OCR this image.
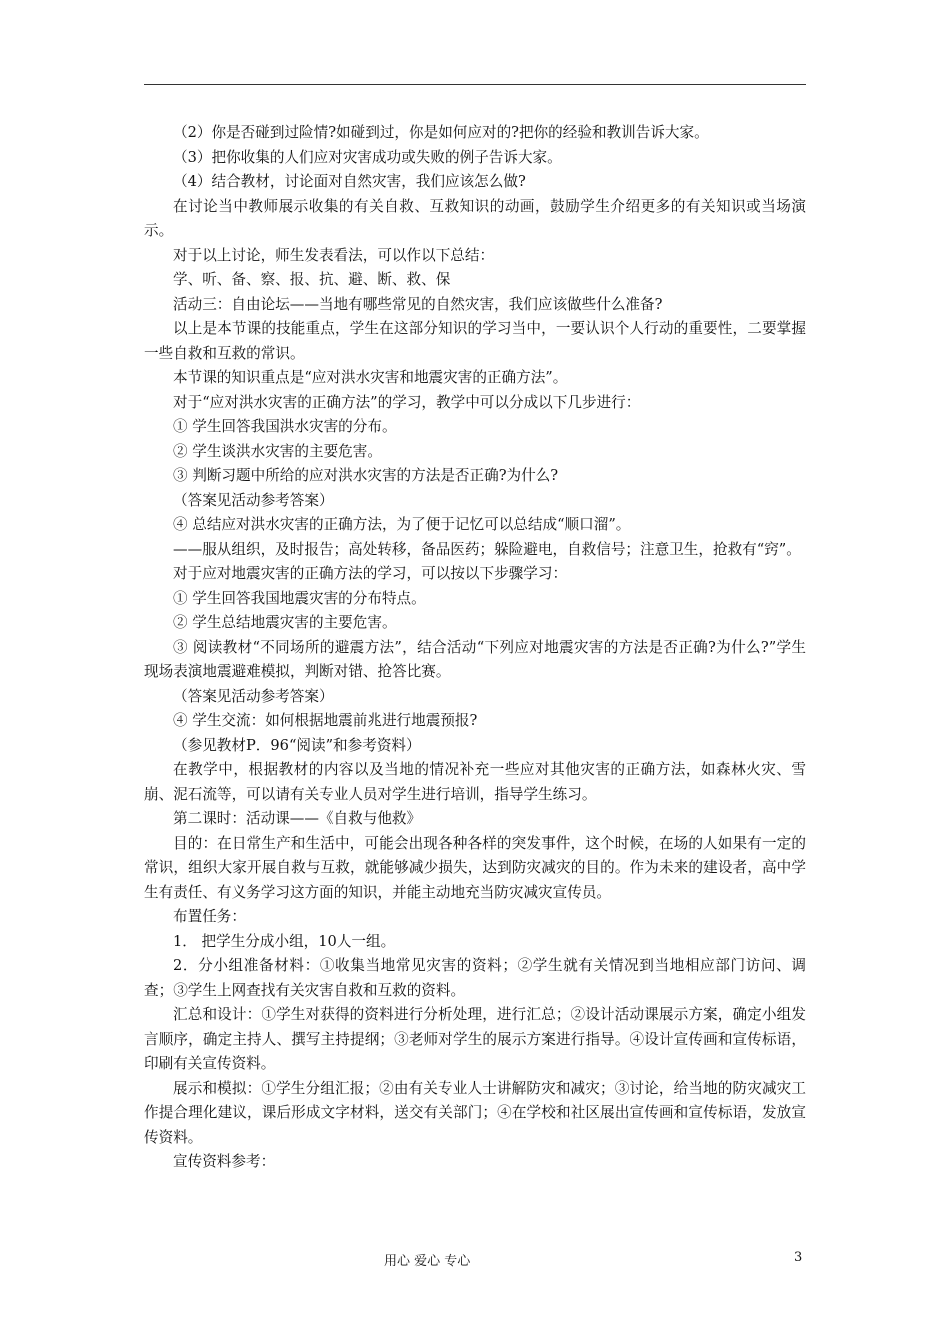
（2）你是否碰到过险情?如碰到过，你是如何应对的?把你的经验和教训告诉大家。

（3）把你收集的人们应对灾害成功或失败的例子告诉大家。

（4）结合教材，讨论面对自然灾害，我们应该怎么做?

在讨论当中教师展示收集的有关自救、互救知识的动画，鼓励学生介绍更多的有关知识或当场演示。

对于以上讨论，师生发表看法，可以作以下总结：

学、听、备、察、报、抗、避、断、救、保

活动三：自由论坛——当地有哪些常见的自然灾害，我们应该做些什么准备?

以上是本节课的技能重点，学生在这部分知识的学习当中，一要认识个人行动的重要性，二要掌握一些自救和互救的常识。

本节课的知识重点是“应对洪水灾害和地震灾害的正确方法”。

对于“应对洪水灾害的正确方法”的学习，教学中可以分成以下几步进行：

① 学生回答我国洪水灾害的分布。

② 学生谈洪水灾害的主要危害。

③ 判断习题中所给的应对洪水灾害的方法是否正确?为什么?

（答案见活动参考答案）

④ 总结应对洪水灾害的正确方法，为了便于记忆可以总结成“顺口溜”。

——服从组织，及时报告；高处转移，备品医药；躲险避电，自救信号；注意卫生，抢救有“窍”。

对于应对地震灾害的正确方法的学习，可以按以下步骤学习：

① 学生回答我国地震灾害的分布特点。

② 学生总结地震灾害的主要危害。

③ 阅读教材“不同场所的避震方法”，结合活动“下列应对地震灾害的方法是否正确?为什么?”学生现场表演地震避难模拟，判断对错、抢答比赛。

（答案见活动参考答案）

④ 学生交流：如何根据地震前兆进行地震预报?

（参见教材P．96“阅读”和参考资料）

在教学中，根据教材的内容以及当地的情况补充一些应对其他灾害的正确方法，如森林火灾、雪崩、泥石流等，可以请有关专业人员对学生进行培训，指导学生练习。

第二课时：活动课——《自救与他救》

目的：在日常生产和生活中，可能会出现各种各样的突发事件，这个时候，在场的人如果有一定的常识，组织大家开展自救与互救，就能够减少损失，达到防灾减灾的目的。作为未来的建设者，高中学生有责任、有义务学习这方面的知识，并能主动地充当防灾减灾宣传员。

布置任务：

1． 把学生分成小组，10人一组。

2．分小组准备材料：①收集当地常见灾害的资料；②学生就有关情况到当地相应部门访问、调查；③学生上网查找有关灾害自救和互救的资料。

汇总和设计：①学生对获得的资料进行分析处理，进行汇总；②设计活动课展示方案，确定小组发言顺序，确定主持人、撰写主持提纲；③老师对学生的展示方案进行指导。④设计宣传画和宣传标语，印刷有关宣传资料。

展示和模拟：①学生分组汇报；②由有关专业人士讲解防灾和减灾；③讨论，给当地的防灾减灾工作提合理化建议，课后形成文字材料，送交有关部门；④在学校和社区展出宣传画和宣传标语，发放宣传资料。

宣传资料参考：

用心 爱心 专心	3
